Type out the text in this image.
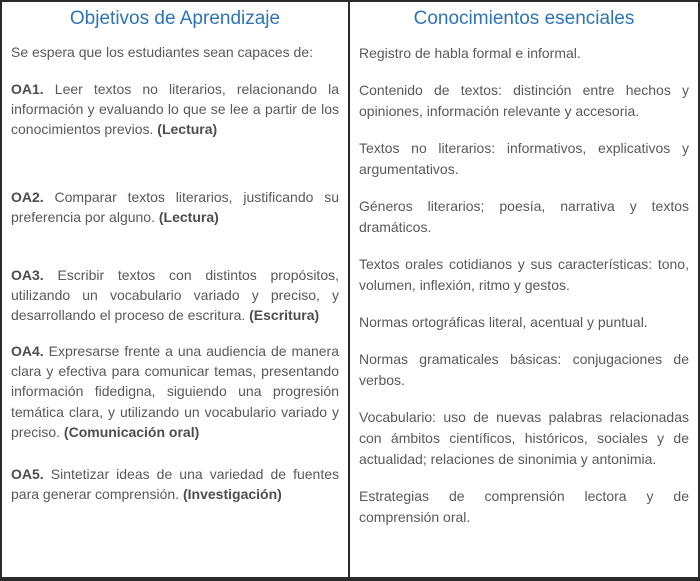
Objetivos de Aprendizaje

Se espera que los estudiantes sean capaces de:

OA1. Leer textos no literarios, relacionando la información y evaluando lo que se lee a partir de los conocimientos previos. (Lectura)

OA2. Comparar textos literarios, justificando su preferencia por alguno. (Lectura)

OA3. Escribir textos con distintos propósitos, utilizando un vocabulario variado y preciso, y desarrollando el proceso de escritura. (Escritura)

OA4. Expresarse frente a una audiencia de manera clara y efectiva para comunicar temas, presentando información fidedigna, siguiendo una progresión temática clara, y utilizando un vocabulario variado y preciso. (Comunicación oral)

OA5. Sintetizar ideas de una variedad de fuentes para generar comprensión. (Investigación)

Conocimientos esenciales

Registro de habla formal e informal.

Contenido de textos: distinción entre hechos y opiniones, información relevante y accesoria.

Textos no literarios: informativos, explicativos y argumentativos.

Géneros literarios; poesía, narrativa y textos dramáticos.

Textos orales cotidianos y sus características: tono, volumen, inflexión, ritmo y gestos.

Normas ortográficas literal, acentual y puntual.

Normas gramaticales básicas: conjugaciones de verbos.

Vocabulario: uso de nuevas palabras relacionadas con ámbitos científicos, históricos, sociales y de actualidad; relaciones de sinonimia y antonimia.

Estrategias de comprensión lectora y de comprensión oral.
